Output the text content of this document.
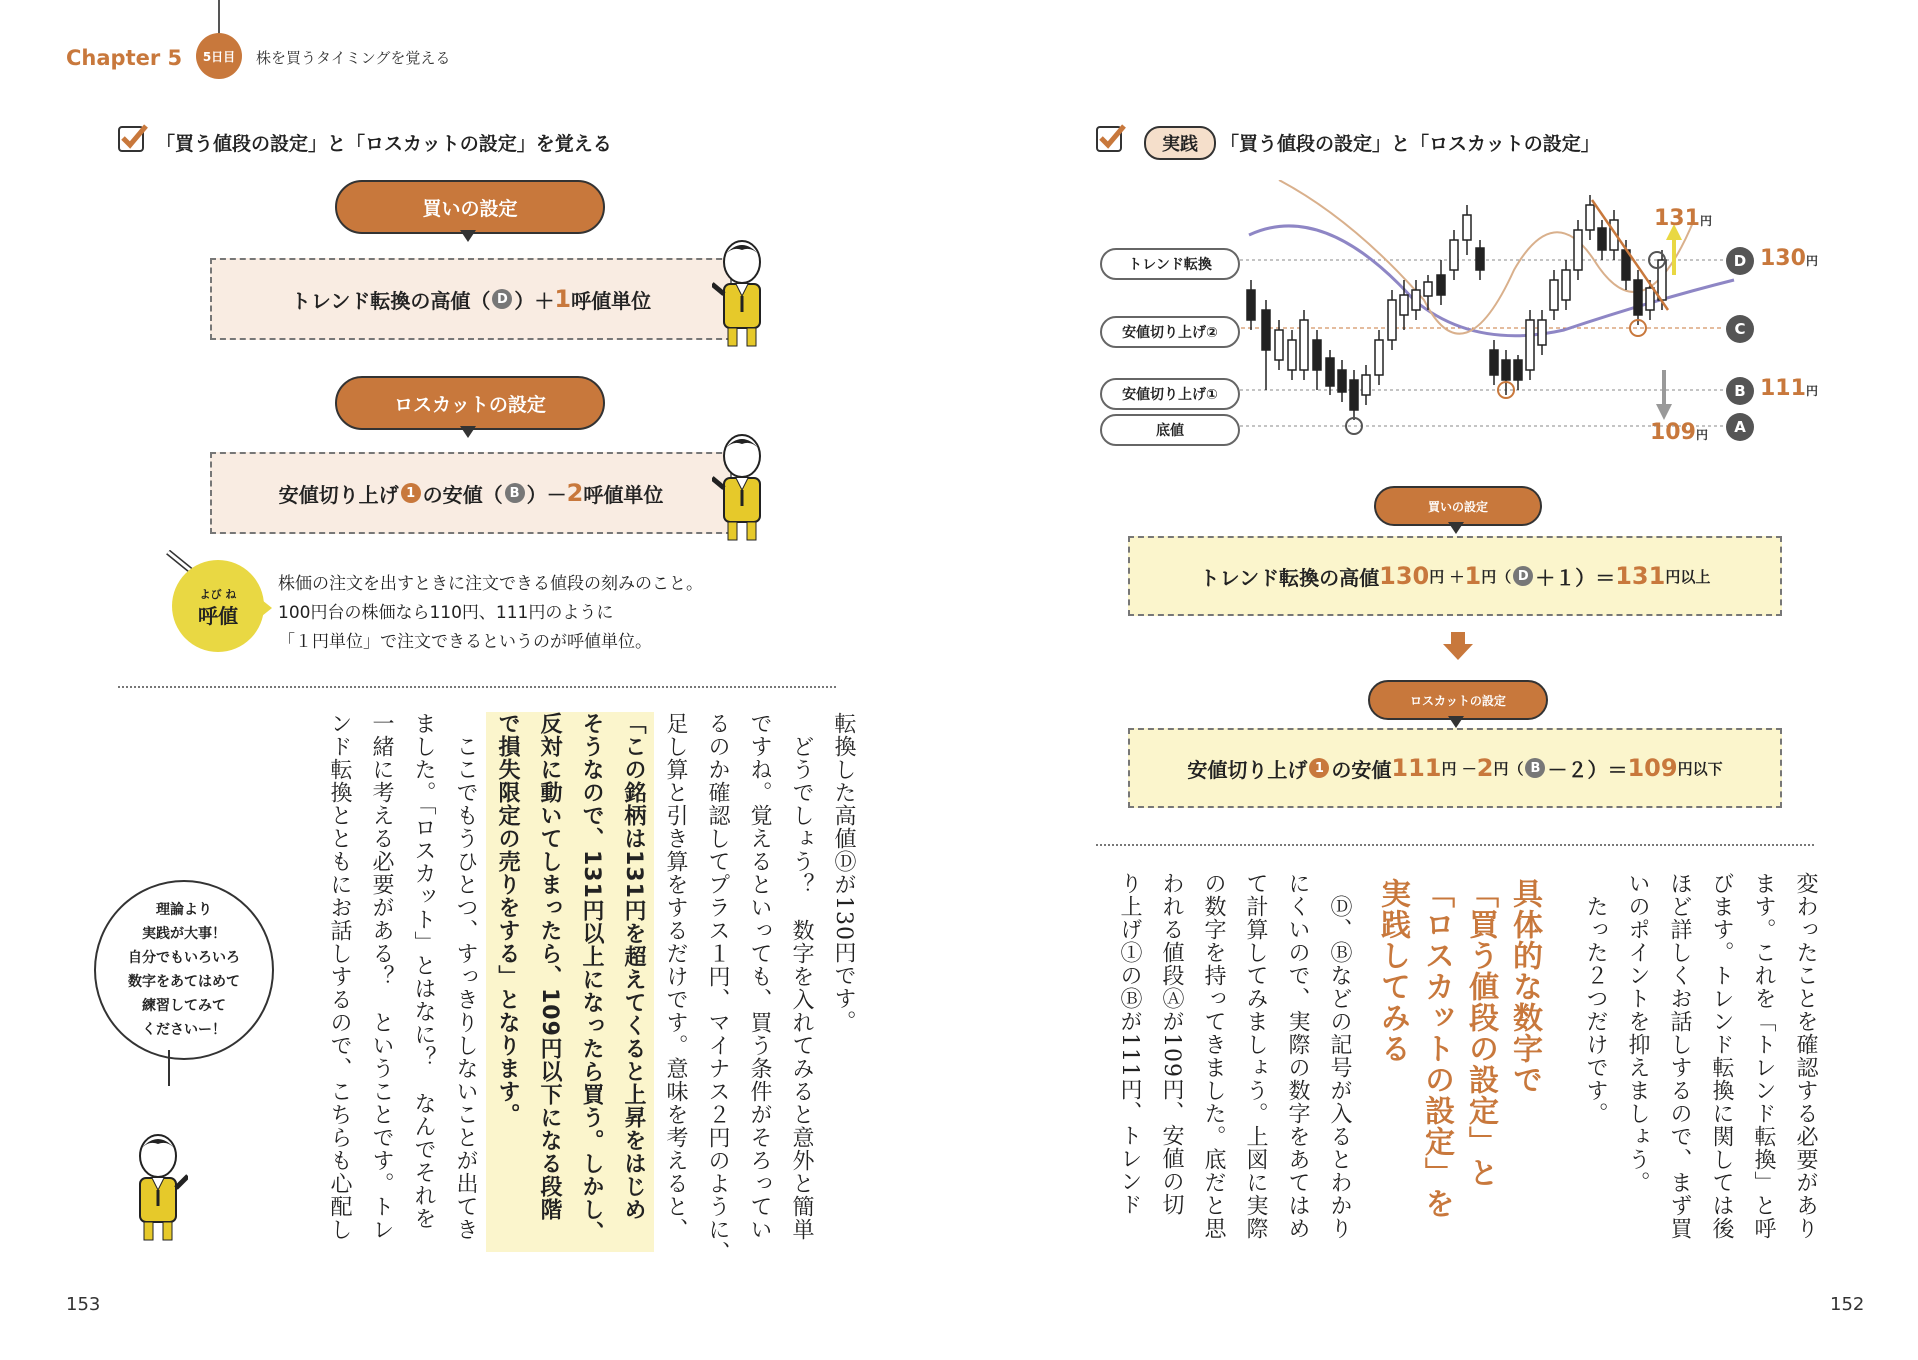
Chapter 5	5日目	株を買うタイミングを覚える
「買う値段の設定」と「ロスカットの設定」を覚える
買いの設定
トレンド転換の高値（ D ）＋ 1 呼値単位
ロスカットの設定
安値切り上げ 1 の安値（ B ）－ 2 呼値単位
よび ね
呼値
株価の注文を出すときに注文できる値段の刻みのこと。
100円台の株価なら110円、111円のように
「１円単位」で注文できるというのが呼値単位。
転換した高値Ⓓが130円です。
　どうでしょう？　数字を入れてみると意外と簡単
ですね。覚えるといっても、買う条件がそろってい
るのか確認してプラス１円、マイナス２円のように、
足し算と引き算をするだけです。意味を考えると、
「この銘柄は131円を超えてくると上昇をはじめ
そうなので、131円以上になったら買う。しかし、
反対に動いてしまったら、109円以下になる段階
で損失限定の売りをする」となります。
　ここでもうひとつ、すっきりしないことが出てき
ました。「ロスカット」とはなに？　なんでそれを
一緒に考える必要がある？　ということです。トレ
ンド転換とともにお話しするので、こちらも心配し
理論より
実践が大事！
自分でもいろいろ
数字をあてはめて
練習してみて
くださいー！
153
実践	「買う値段の設定」と「ロスカットの設定」
トレンド転換
安値切り上げ②
安値切り上げ①
底値
131円
D 130円
C
B 111円
109円	A
買いの設定
トレンド転換の高値 130 円 ＋ 1 円（ D ＋１）＝ 131 円以上
ロスカットの設定
安値切り上げ 1 の安値 111 円 － 2 円（ B －２）＝ 109 円以下
変わったことを確認する必要があり
ます。これを「トレンド転換」と呼
びます。トレンド転換に関しては後
ほど詳しくお話しするので、まず買
いのポイントを抑えましょう。
　たった２つだけです。
具体的な数字で
「買う値段の設定」と
「ロスカットの設定」を
実践してみる
　Ⓓ、Ⓑなどの記号が入るとわかり
にくいので、実際の数字をあてはめ
て計算してみましょう。上図に実際
の数字を持ってきました。底だと思
われる値段Ⓐが109円、安値の切
り上げ①のⒷが111円、トレンド
152
